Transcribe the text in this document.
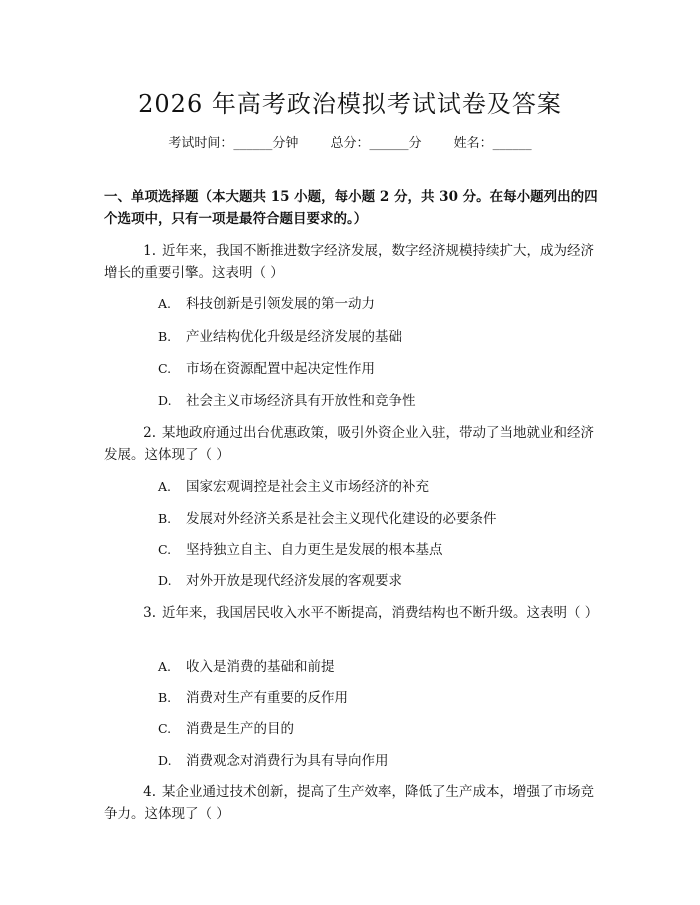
2026 年高考政治模拟考试试卷及答案
考试时间：______分钟 总分：______分 姓名：______
一、单项选择题（本大题共 15 小题，每小题 2 分，共 30 分。在每小题列出的四个选项中，只有一项是最符合题目要求的。）
1. 近年来，我国不断推进数字经济发展，数字经济规模持续扩大，成为经济增长的重要引擎。这表明（ ）
A. 科技创新是引领发展的第一动力
B. 产业结构优化升级是经济发展的基础
C. 市场在资源配置中起决定性作用
D. 社会主义市场经济具有开放性和竞争性
2. 某地政府通过出台优惠政策，吸引外资企业入驻，带动了当地就业和经济发展。这体现了（ ）
A. 国家宏观调控是社会主义市场经济的补充
B. 发展对外经济关系是社会主义现代化建设的必要条件
C. 坚持独立自主、自力更生是发展的根本基点
D. 对外开放是现代经济发展的客观要求
3. 近年来，我国居民收入水平不断提高，消费结构也不断升级。这表明（ ）
A. 收入是消费的基础和前提
B. 消费对生产有重要的反作用
C. 消费是生产的目的
D. 消费观念对消费行为具有导向作用
4. 某企业通过技术创新，提高了生产效率，降低了生产成本，增强了市场竞争力。这体现了（ ）
